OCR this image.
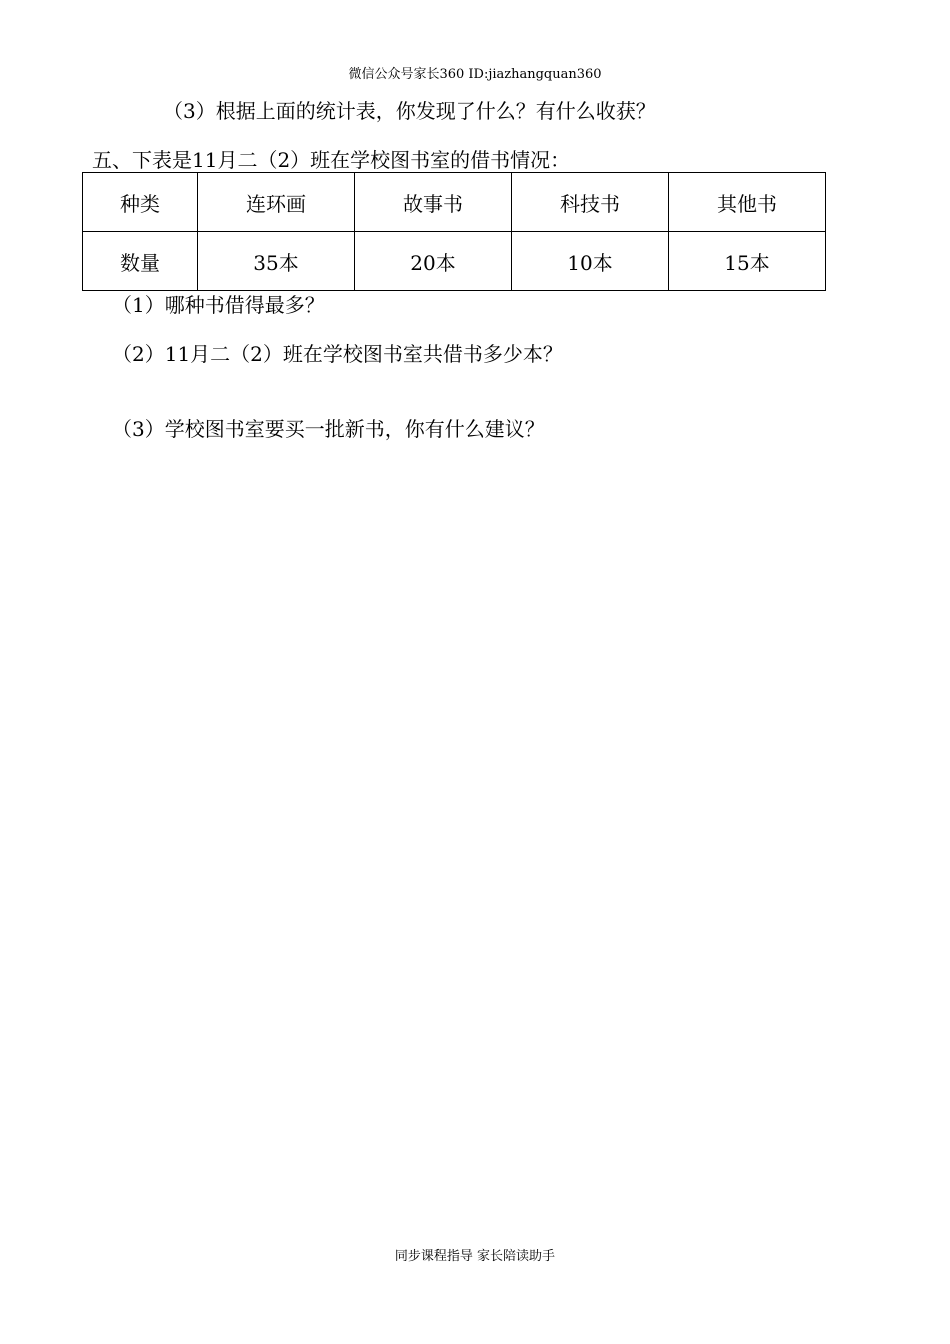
微信公众号家长360 ID:jiazhangquan360
（3）根据上面的统计表，你发现了什么？有什么收获？
五、下表是11月二（2）班在学校图书室的借书情况：
种类	连环画	故事书	科技书	其他书
数量	35本	20本	10本	15本
（1）哪种书借得最多？
（2）11月二（2）班在学校图书室共借书多少本？
（3）学校图书室要买一批新书，你有什么建议？
同步课程指导 家长陪读助手
